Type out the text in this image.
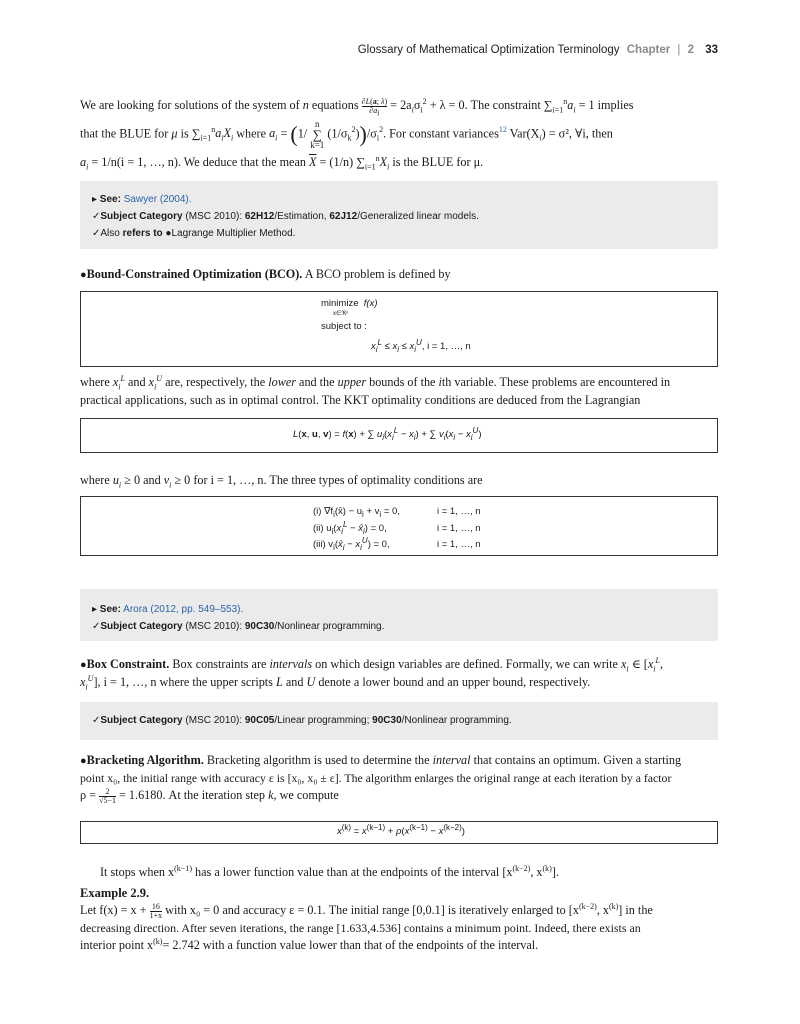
Glossary of Mathematical Optimization Terminology Chapter | 2 33
We are looking for solutions of the system of n equations $\frac{\partial L(a; \lambda)}{\partial a_i} = 2a_i\sigma_i^2 + \lambda = 0$. The constraint $\sum_{i=1}^na_i = 1$ implies
that the BLUE for μ is $\sum_{i=1}^na_iX_i$ where $a_i = (1/$
n
∑
k=1
$(1/\sigma_k^2))/\sigma_i^2$. For constant variances$^{12}$ $Var(X_i) = \sigma^2$, ∀i, then
$a_i = 1/n(i = 1$, …, n). We deduce that the mean $\overline{X} = (1/n)$ $\sum_{i=1}^nX_i$ is the BLUE for μ.
▸ See: Sawyer (2004).
✓Subject Category (MSC 2010): 62H12/Estimation, 62J12/Generalized linear models.
✓Also refers to ●Lagrange Multiplier Method.
●Bound-Constrained Optimization (BCO). A BCO problem is defined by
minimize f(x)
x∈ℜⁿ
subject to :
$x_i^L \le x_i \le x_i^U$, i = 1, …, n
where $x_i^L$ and $x_i^U$ are, respectively, the lower and the upper bounds of the ith variable. These problems are encountered in
practical applications, such as in optimal control. The KKT optimality conditions are deduced from the Lagrangian
L(x, u, v) = f(x) + ∑ $u_i(x_i^L - x_i)$ + ∑ $v_i(x_i - x_i^U)$
where $u_i \ge 0$ and $v_i \ge 0$ for i = 1, …, n. The three types of optimality conditions are
(i) $\nabla f_i(x̂) - u_i + v_i = 0$,	i = 1, …, n
(ii) $u_i(x_i^L$ − $x̂_i) = 0$,	i = 1, …, n
(iii) $v_i(x̂_i - x_i^U) = 0$,	i = 1, …, n
▸ See: Arora (2012, pp. 549–553).
✓Subject Category (MSC 2010): 90C30/Nonlinear programming.
●Box Constraint. Box constraints are intervals on which design variables are defined. Formally, we can write $x_i$ ∈ [$x_i^L$,
$x_i^U$], i = 1, …, n where the upper scripts L and U denote a lower bound and an upper bound, respectively.
✓Subject Category (MSC 2010): 90C05/Linear programming; 90C30/Nonlinear programming.
●Bracketing Algorithm. Bracketing algorithm is used to determine the interval that contains an optimum. Given a starting
point x₀, the initial range with accuracy ε is [x₀, x₀ ± ε]. The algorithm enlarges the original range at each iteration by a factor
$\rho = \frac{2}{√5-1} = 1.6180$. At the iteration step k, we compute
$x^{(k)} = x^{(k-1)} + \rho(x^{(k-1)} - x^{(k-2)})$
It stops when $x^{(k-1)}$ has a lower function value than at the endpoints of the interval [$x^{(k-2)}$, $x^{(k)}$].
Example 2.9.
Let $f(x) = x + \frac{16}{1+x}$ with x₀ = 0 and accuracy ε = 0.1. The initial range [0,0.1] is iteratively enlarged to [$x^{(k-2)}$, $x^{(k)}$] in the
decreasing direction. After seven iterations, the range [1.633,4.536] contains a minimum point. Indeed, there exists an
interior point $x^{(k)}= 2.742$ with a function value lower than that of the endpoints of the interval.
